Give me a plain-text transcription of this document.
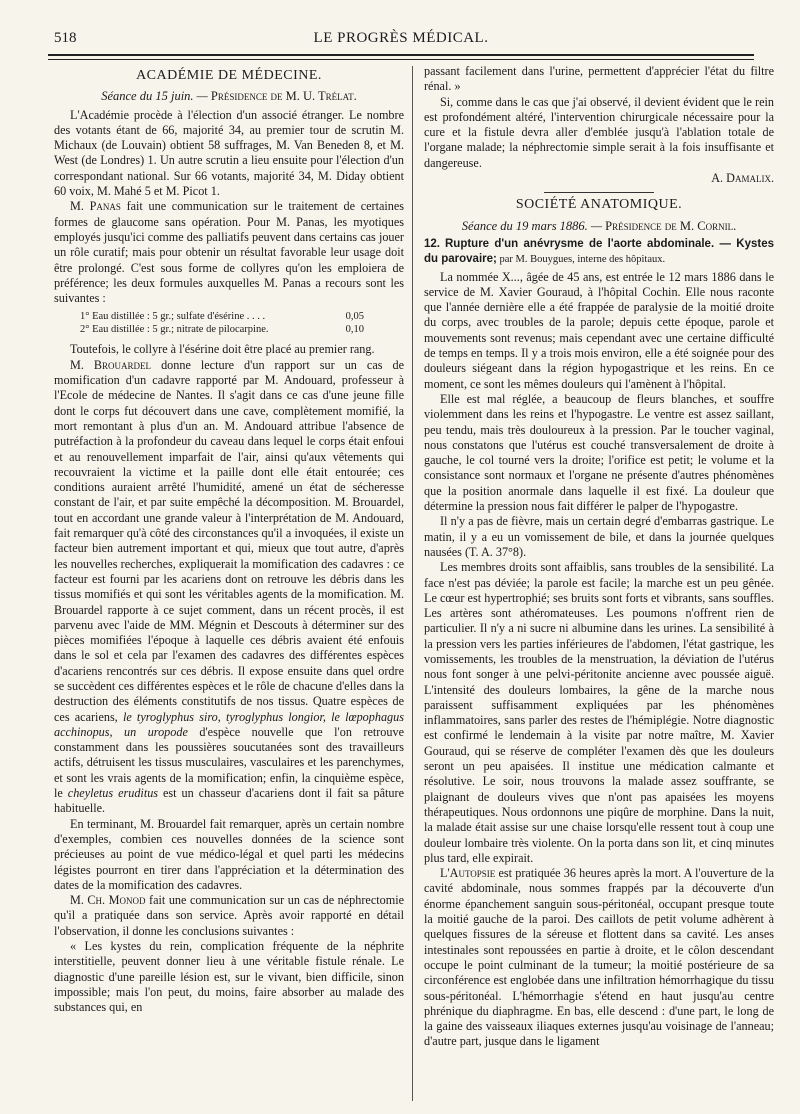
518	LE PROGRÈS MÉDICAL.
ACADÉMIE DE MÉDECINE.
Séance du 15 juin. — Présidence de M. U. Trélat.

L'Académie procède à l'élection d'un associé étranger. Le nombre des votants étant de 66, majorité 34, au premier tour de scrutin M. Michaux (de Louvain) obtient 58 suffrages, M. Van Beneden 8, et M. West (de Londres) 1. Un autre scrutin a lieu ensuite pour l'élection d'un correspondant national. Sur 66 votants, majorité 34, M. Diday obtient 60 voix, M. Mahé 5 et M. Picot 1.

M. Panas fait une communication sur le traitement de certaines formes de glaucome sans opération. Pour M. Panas, les myotiques employés jusqu'ici comme des palliatifs peuvent dans certains cas jouer un rôle curatif; mais pour obtenir un résultat favorable leur usage doit être prolongé. C'est sous forme de collyres qu'on les emploiera de préférence; les deux formules auxquelles M. Panas a recours sont les suivantes :

1° Eau distillée : 5 gr.; sulfate d'ésérine . . . .	0,05
2° Eau distillée : 5 gr.; nitrate de pilocarpine.	0,10

Toutefois, le collyre à l'ésérine doit être placé au premier rang.

M. Brouardel donne lecture d'un rapport sur un cas de momification d'un cadavre rapporté par M. Andouard, professeur à l'Ecole de médecine de Nantes. Il s'agit dans ce cas d'une jeune fille dont le corps fut découvert dans une cave, complètement momifié, la mort remontant à plus d'un an. M. Andouard attribue l'absence de putréfaction à la profondeur du caveau dans lequel le corps était enfoui et au renouvellement imparfait de l'air, ainsi qu'aux vêtements qui recouvraient la victime et la paille dont elle était entourée; ces conditions auraient arrêté l'humidité, amené un état de sécheresse constant de l'air, et par suite empêché la décomposition. M. Brouardel, tout en accordant une grande valeur à l'interprétation de M. Andouard, fait remarquer qu'à côté des circonstances qu'il a invoquées, il existe un facteur bien autrement important et qui, mieux que tout autre, d'après les nouvelles recherches, expliquerait la momification des cadavres : ce facteur est fourni par les acariens dont on retrouve les débris dans les tissus momifiés et qui sont les véritables agents de la momification. M. Brouardel rapporte à ce sujet comment, dans un récent procès, il est parvenu avec l'aide de MM. Mégnin et Descouts à déterminer sur des pièces momifiées l'époque à laquelle ces débris avaient été enfouis dans le sol et cela par l'examen des cadavres des différentes espèces d'acariens rencontrés sur ces débris. Il expose ensuite dans quel ordre se succèdent ces différentes espèces et le rôle de chacune d'elles dans la destruction des éléments constitutifs de nos tissus. Quatre espèces de ces acariens, le tyroglyphus siro, tyroglyphus longior, le lœpophagus acchinopus, un uropode d'espèce nouvelle que l'on retrouve constamment dans les poussières soucutanées sont des travailleurs actifs, détruisent les tissus musculaires, vasculaires et les parenchymes, et sont les vrais agents de la momification; enfin, la cinquième espèce, le cheyletus eruditus est un chasseur d'acariens dont il fait sa pâture habituelle.

En terminant, M. Brouardel fait remarquer, après un certain nombre d'exemples, combien ces nouvelles données de la science sont précieuses au point de vue médico-légal et quel parti les médecins légistes pourront en tirer dans l'appréciation et la détermination des dates de la momification des cadavres.

M. Ch. Monod fait une communication sur un cas de néphrectomie qu'il a pratiquée dans son service. Après avoir rapporté en détail l'observation, il donne les conclusions suivantes :

« Les kystes du rein, complication fréquente de la néphrite interstitielle, peuvent donner lieu à une véritable fistule rénale. Le diagnostic d'une pareille lésion est, sur le vivant, bien difficile, sinon impossible; mais l'on peut, du moins, faire absorber au malade des substances qui, en

passant facilement dans l'urine, permettent d'apprécier l'état du filtre rénal. »

Si, comme dans le cas que j'ai observé, il devient évident que le rein est profondément altéré, l'intervention chirurgicale nécessaire pour la cure et la fistule devra aller d'emblée jusqu'à l'ablation totale de l'organe malade; la néphrectomie simple serait à la fois insuffisante et dangereuse.

A. Damalix.
SOCIÉTÉ ANATOMIQUE.
Séance du 19 mars 1886. — Présidence de M. Cornil.

12. Rupture d'un anévrysme de l'aorte abdominale. — Kystes du parovaire; par M. Bouygues, interne des hôpitaux.

La nommée X..., âgée de 45 ans, est entrée le 12 mars 1886 dans le service de M. Xavier Gouraud, à l'hôpital Cochin. Elle nous raconte que l'année dernière elle a été frappée de paralysie de la moitié droite du corps, avec troubles de la parole; depuis cette époque, parole et mouvements sont revenus; mais cependant avec une certaine difficulté de temps en temps. Il y a trois mois environ, elle a été soignée pour des douleurs siégeant dans la région hypogastrique et les reins. En ce moment, ce sont les mêmes douleurs qui l'amènent à l'hôpital.

Elle est mal réglée, a beaucoup de fleurs blanches, et souffre violemment dans les reins et l'hypogastre. Le ventre est assez saillant, peu tendu, mais très douloureux à la pression. Par le toucher vaginal, nous constatons que l'utérus est couché transversalement de droite à gauche, le col tourné vers la droite; l'orifice est petit; le volume et la consistance sont normaux et l'organe ne présente d'autres phénomènes que la position anormale dans laquelle il est fixé. La douleur que détermine la pression nous fait différer le palper de l'hypogastre.

Il n'y a pas de fièvre, mais un certain degré d'embarras gastrique. Le matin, il y a eu un vomissement de bile, et dans la journée quelques nausées (T. A. 37°8).

Les membres droits sont affaiblis, sans troubles de la sensibilité. La face n'est pas déviée; la parole est facile; la marche est un peu gênée. Le cœur est hypertrophié; ses bruits sont forts et vibrants, sans souffles. Les artères sont athéromateuses. Les poumons n'offrent rien de particulier. Il n'y a ni sucre ni albumine dans les urines. La sensibilité à la pression vers les parties inférieures de l'abdomen, l'état gastrique, les vomissements, les troubles de la menstruation, la déviation de l'utérus nous font songer à une pelvi-péritonite ancienne avec poussée aiguë. L'intensité des douleurs lombaires, la gêne de la marche nous paraissent suffisamment expliquées par les phénomènes inflammatoires, sans parler des restes de l'hémiplégie. Notre diagnostic est confirmé le lendemain à la visite par notre maître, M. Xavier Gouraud, qui se réserve de compléter l'examen dès que les douleurs seront un peu apaisées. Il institue une médication calmante et résolutive. Le soir, nous trouvons la malade assez souffrante, se plaignant de douleurs vives que n'ont pas apaisées les moyens thérapeutiques. Nous ordonnons une piqûre de morphine. Dans la nuit, la malade était assise sur une chaise lorsqu'elle ressent tout à coup une douleur lombaire très violente. On la porta dans son lit, et cinq minutes plus tard, elle expirait.

L'Autopsie est pratiquée 36 heures après la mort. A l'ouverture de la cavité abdominale, nous sommes frappés par la découverte d'un énorme épanchement sanguin sous-péritonéal, occupant presque toute la moitié gauche de la paroi. Des caillots de petit volume adhèrent à quelques fissures de la séreuse et flottent dans sa cavité. Les anses intestinales sont repoussées en partie à droite, et le côlon descendant occupe le point culminant de la tumeur; la moitié postérieure de sa circonférence est englobée dans une infiltration hémorrhagique du tissu sous-péritonéal. L'hémorrhagie s'étend en haut jusqu'au centre phrénique du diaphragme. En bas, elle descend : d'une part, le long de la gaine des vaisseaux iliaques externes jusqu'au voisinage de l'anneau; d'autre part, jusque dans le ligament
